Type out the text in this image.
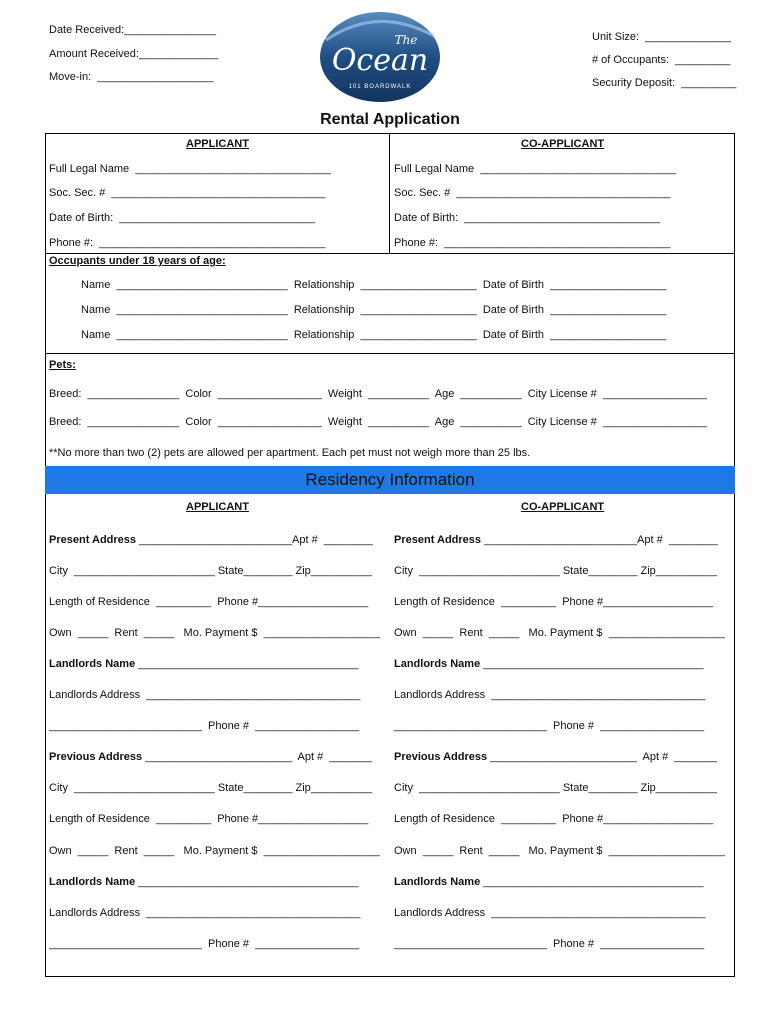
Date Received:_______________
Amount Received:_____________
Move-in:  ___________________	Ocean
The
101 BOARDWALK
Unit Size:  ______________
# of Occupants:  _________
Security Deposit:  _________
Rental Application
APPLICANT	CO-APPLICANT
Full Legal Name  ________________________________
Soc. Sec. #  ___________________________________
Date of Birth:  ________________________________
Phone #:  _____________________________________
Full Legal Name  ________________________________
Soc. Sec. #  ___________________________________
Date of Birth:  ________________________________
Phone #:  _____________________________________
Occupants under 18 years of age:
Name  ____________________________  Relationship  ___________________  Date of Birth  ___________________
Name  ____________________________  Relationship  ___________________  Date of Birth  ___________________
Name  ____________________________  Relationship  ___________________  Date of Birth  ___________________
Pets:
Breed:  _______________  Color  _________________  Weight  __________  Age  __________  City License #  _________________
Breed:  _______________  Color  _________________  Weight  __________  Age  __________  City License #  _________________
**No more than two (2) pets are allowed per apartment. Each pet must not weigh more than 25 lbs.
Residency Information
APPLICANT	CO-APPLICANT
Present Address _________________________Apt #  ________ Present Address _________________________Apt #  ________
City  _______________________ State________ Zip__________ City  _______________________ State________ Zip__________
Length of Residence  _________  Phone #__________________ Length of Residence  _________  Phone #__________________
Own  _____  Rent  _____   Mo. Payment $  ___________________ Own  _____  Rent  _____   Mo. Payment $  ___________________
Landlords Name ____________________________________	Landlords Name ____________________________________
Landlords Address  ___________________________________	Landlords Address  ___________________________________
_________________________  Phone #  _________________	_________________________  Phone #  _________________
Previous Address ________________________  Apt #  _______ Previous Address ________________________  Apt #  _______
City  _______________________ State________ Zip__________ City  _______________________ State________ Zip__________
Length of Residence  _________  Phone #__________________ Length of Residence  _________  Phone #__________________
Own  _____  Rent  _____   Mo. Payment $  ___________________ Own  _____  Rent  _____   Mo. Payment $  ___________________
Landlords Name ____________________________________	Landlords Name ____________________________________
Landlords Address  ___________________________________	Landlords Address  ___________________________________
_________________________  Phone #  _________________	_________________________  Phone #  _________________
